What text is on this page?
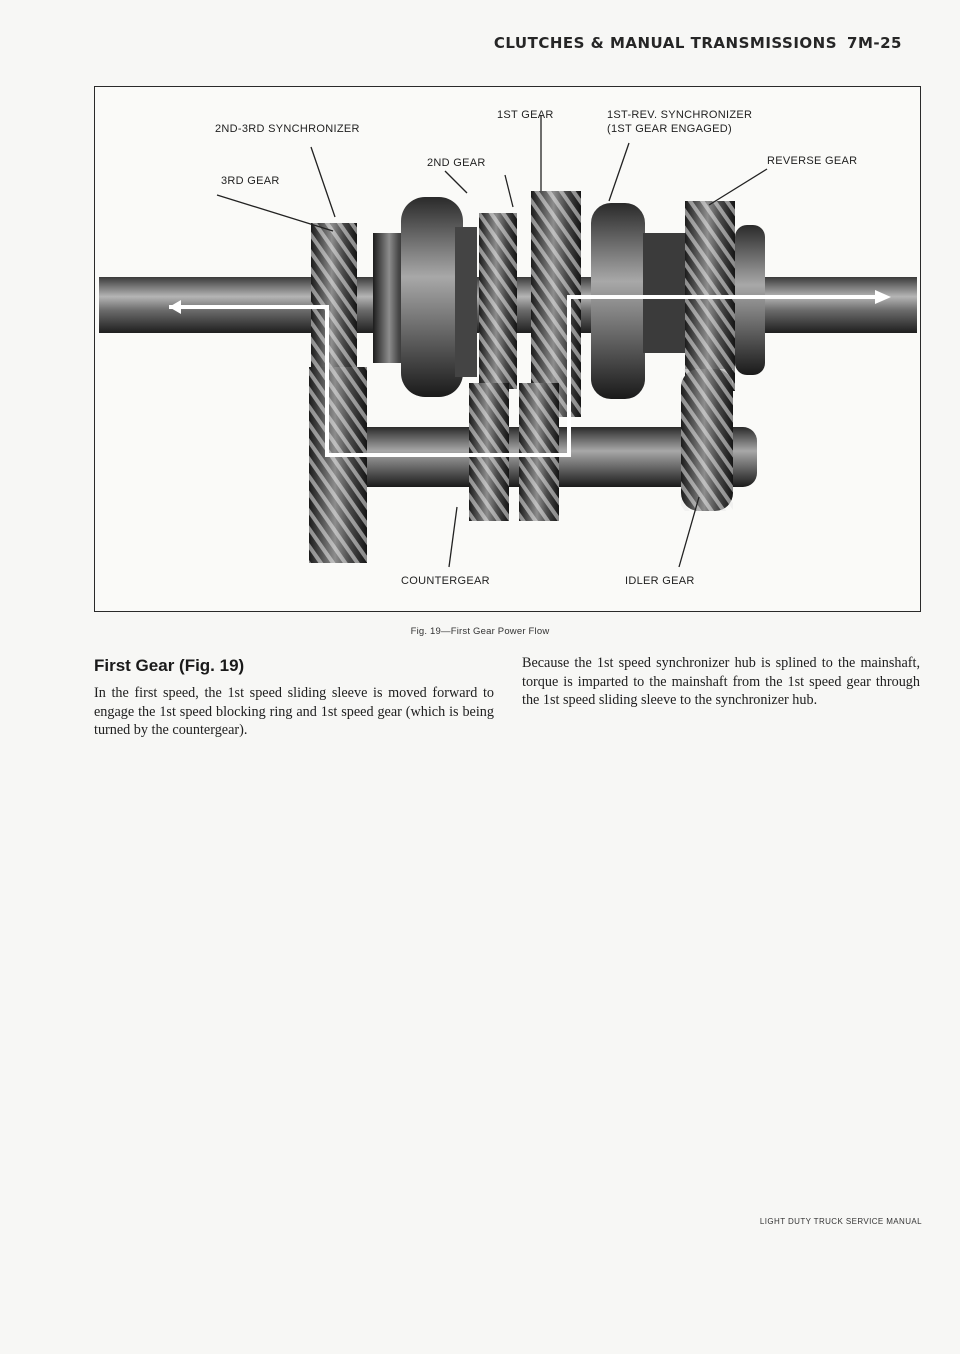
CLUTCHES & MANUAL TRANSMISSIONS 7M-25
2ND-3RD SYNCHRONIZER
1ST GEAR	1ST-REV. SYNCHRONIZER
(1ST GEAR ENGAGED)
2ND GEAR	REVERSE GEAR
3RD GEAR
COUNTERGEAR	IDLER GEAR
Fig. 19—First Gear Power Flow
First Gear (Fig. 19)

In the first speed, the 1st speed sliding sleeve is moved forward to engage the 1st speed blocking ring and 1st speed gear (which is being turned by the countergear).

Because the 1st speed synchronizer hub is splined to the mainshaft, torque is imparted to the mainshaft from the 1st speed gear through the 1st speed sliding sleeve to the synchronizer hub.

LIGHT DUTY TRUCK SERVICE MANUAL
